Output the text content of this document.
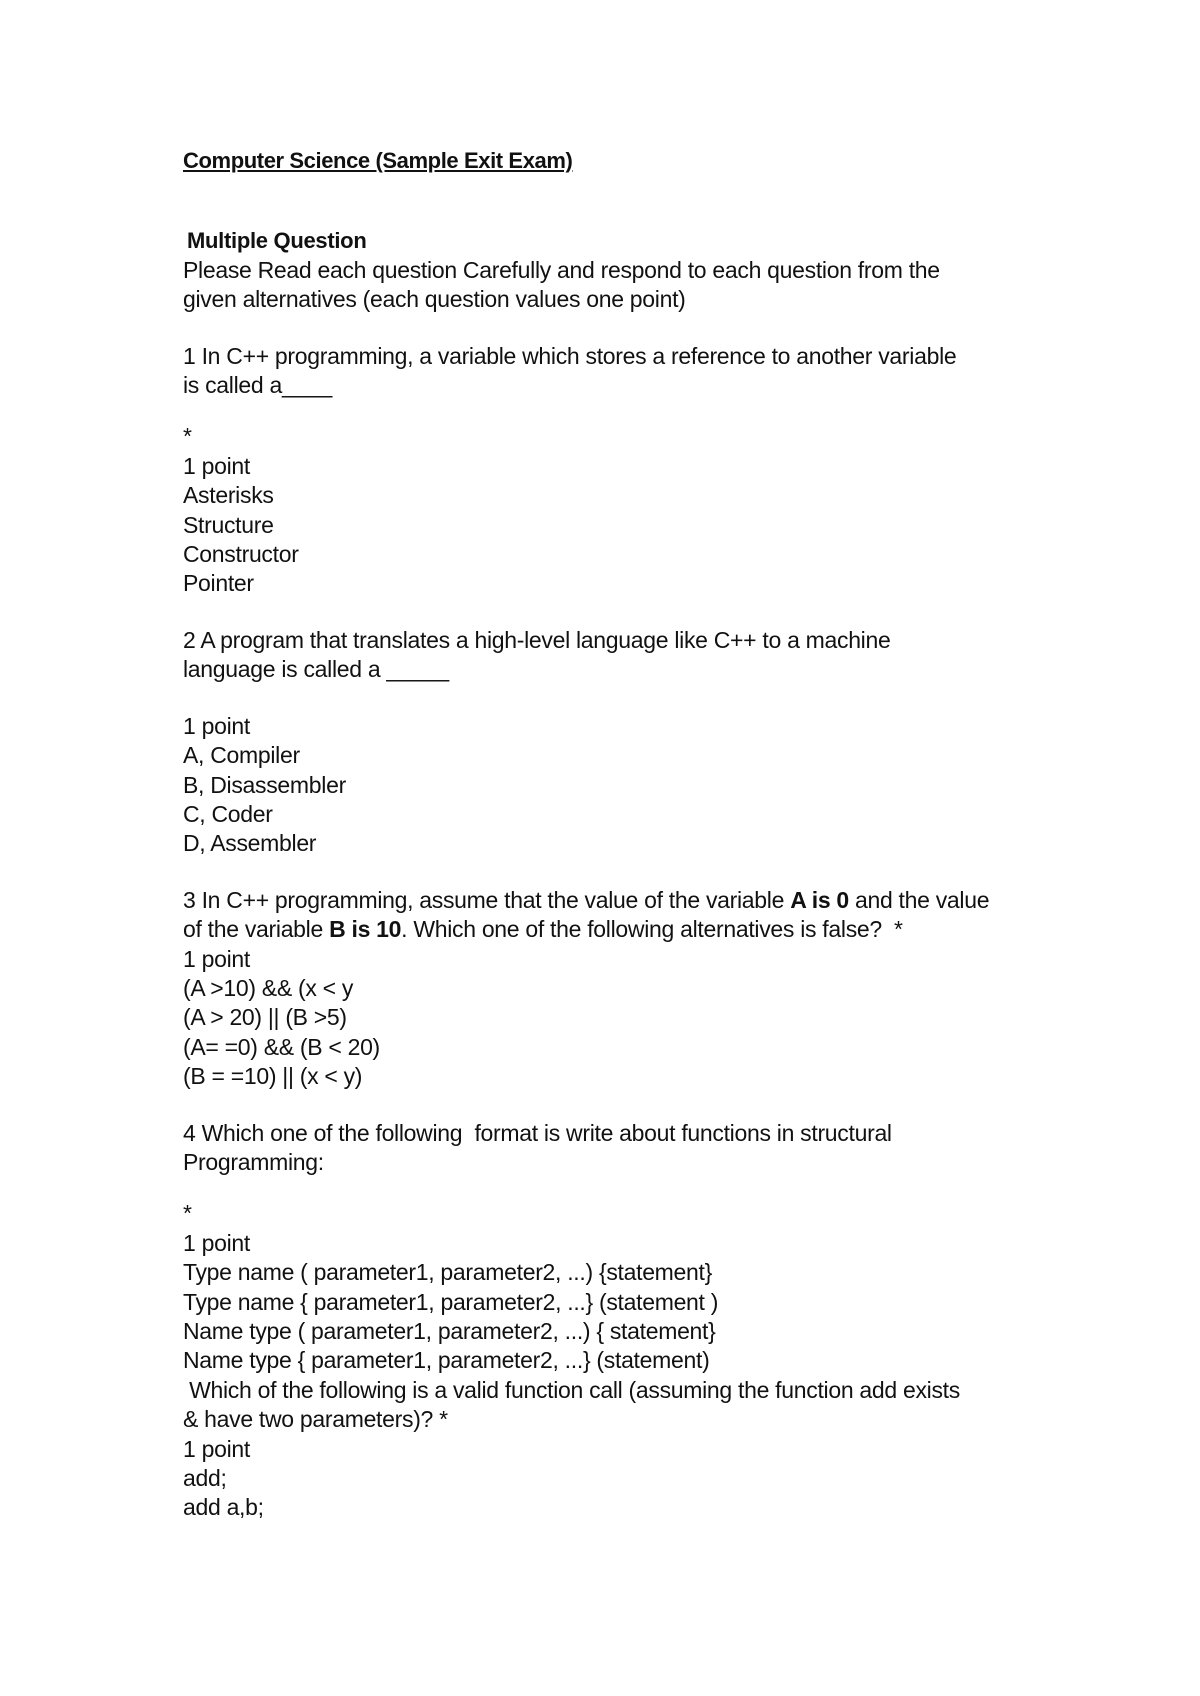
Computer Science (Sample Exit Exam)
Multiple Question
Please Read each question Carefully and respond to each question from the
given alternatives (each question values one point)
1 In C++ programming, a variable which stores a reference to another variable
is called a____
*
1 point
Asterisks
Structure
Constructor
Pointer
2 A program that translates a high-level language like C++ to a machine
language is called a _____
1 point
A, Compiler
B, Disassembler
C, Coder
D, Assembler
3 In C++ programming, assume that the value of the variable A is 0 and the value
of the variable B is 10. Which one of the following alternatives is false?  *
1 point
(A >10) && (x < y
(A > 20) || (B >5)
(A= =0) && (B < 20)
(B = =10) || (x < y)
4 Which one of the following  format is write about functions in structural
Programming:
*
1 point
Type name ( parameter1, parameter2, ...) {statement}
Type name { parameter1, parameter2, ...} (statement )
Name type ( parameter1, parameter2, ...) { statement}
Name type { parameter1, parameter2, ...} (statement)
Which of the following is a valid function call (assuming the function add exists
& have two parameters)? *
1 point
add;
add a,b;
